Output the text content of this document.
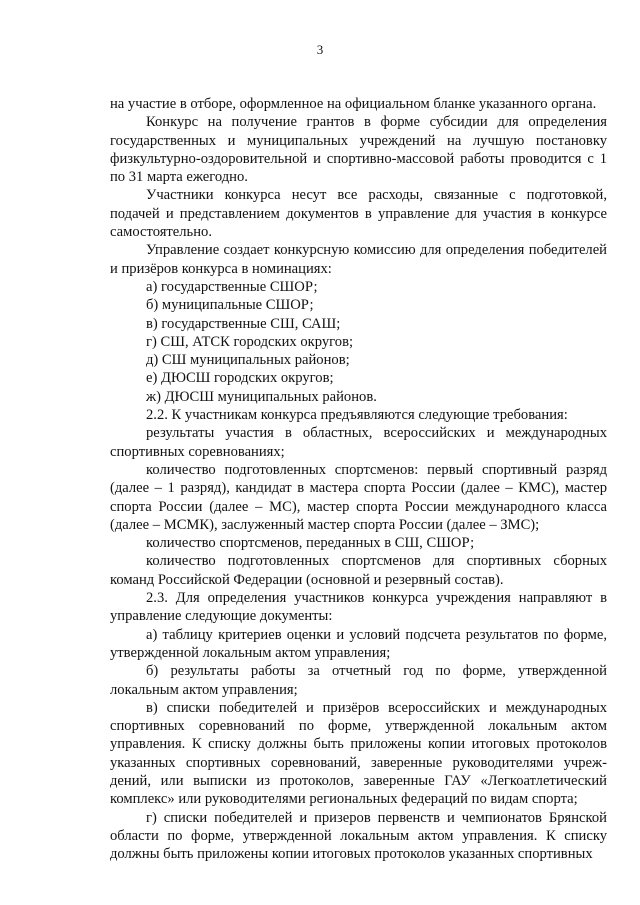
3

на участие в отборе, оформленное на официальном бланке указанного органа.

Конкурс на получение грантов в форме субсидии для определения государственных и муниципальных учреждений на лучшую постановку физкультурно-оздоровительной и спортивно-массовой работы проводится с 1 по 31 марта ежегодно.

Участники конкурса несут все расходы, связанные с подготовкой, подачей и представлением документов в управление для участия в конкурсе самостоятельно.

Управление создает конкурсную комиссию для определения победителей и призёров конкурса в номинациях:

а) государственные СШОР;

б) муниципальные СШОР;

в) государственные СШ, САШ;

г) СШ, АТСК городских округов;

д) СШ муниципальных районов;

е) ДЮСШ городских округов;

ж) ДЮСШ муниципальных районов.

2.2. К участникам конкурса предъявляются следующие требования:

результаты участия в областных, всероссийских и международных спортивных соревнованиях;

количество подготовленных спортсменов: первый спортивный разряд (далее – 1 разряд), кандидат в мастера спорта России (далее – КМС), мастер спорта России (далее – МС), мастер спорта России международного класса (далее – МСМК), заслуженный мастер спорта России (далее – ЗМС);

количество спортсменов, переданных в СШ, СШОР;

количество подготовленных спортсменов для спортивных сборных команд Российской Федерации (основной и резервный состав).

2.3. Для определения участников конкурса учреждения направляют в управление следующие документы:

а) таблицу критериев оценки и условий подсчета результатов по форме, утвержденной локальным актом управления;

б) результаты работы за отчетный год по форме, утвержденной локальным актом управления;

в) списки победителей и призёров всероссийских и международных спортивных соревнований по форме, утвержденной локальным актом управления. К списку должны быть приложены копии итоговых протоколов указанных спортивных соревнований, заверенные руководителями учреждений, или выписки из протоколов, заверенные ГАУ «Легкоатлетический комплекс» или руководителями региональных федераций по видам спорта;

г) списки победителей и призеров первенств и чемпионатов Брянской области по форме, утвержденной локальным актом управления. К списку должны быть приложены копии итоговых протоколов указанных спортивных
